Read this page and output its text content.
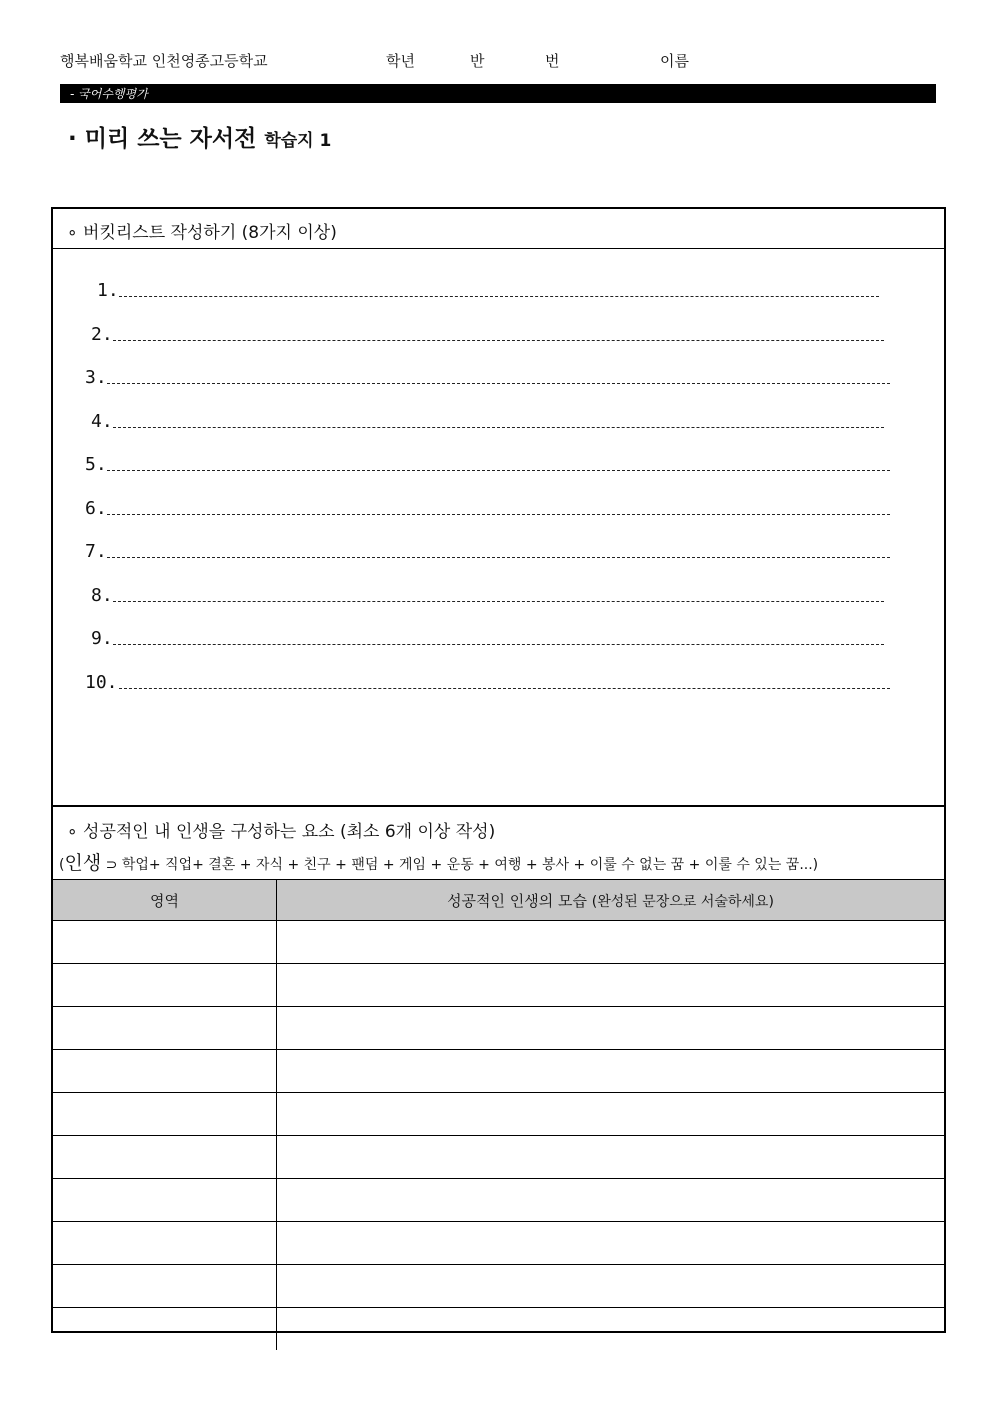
행복배움학교 인천영종고등학교	학년	반	번	이름
- 국어수행평가
· 미리 쓰는 자서전 학습지 1
∘ 버킷리스트 작성하기 (8가지 이상)
1.
2.
3.
4.
5.
6.
7.
8.
9.
10.
∘ 성공적인 내 인생을 구성하는 요소 (최소 6개 이상 작성)
(인생 ⊃ 학업+ 직업+ 결혼 + 자식 + 친구 + 팬덤 + 게임 + 운동 + 여행 + 봉사 + 이룰 수 없는 꿈 + 이룰 수 있는 꿈...)
영역	성공적인 인생의 모습 (완성된 문장으로 서술하세요)
